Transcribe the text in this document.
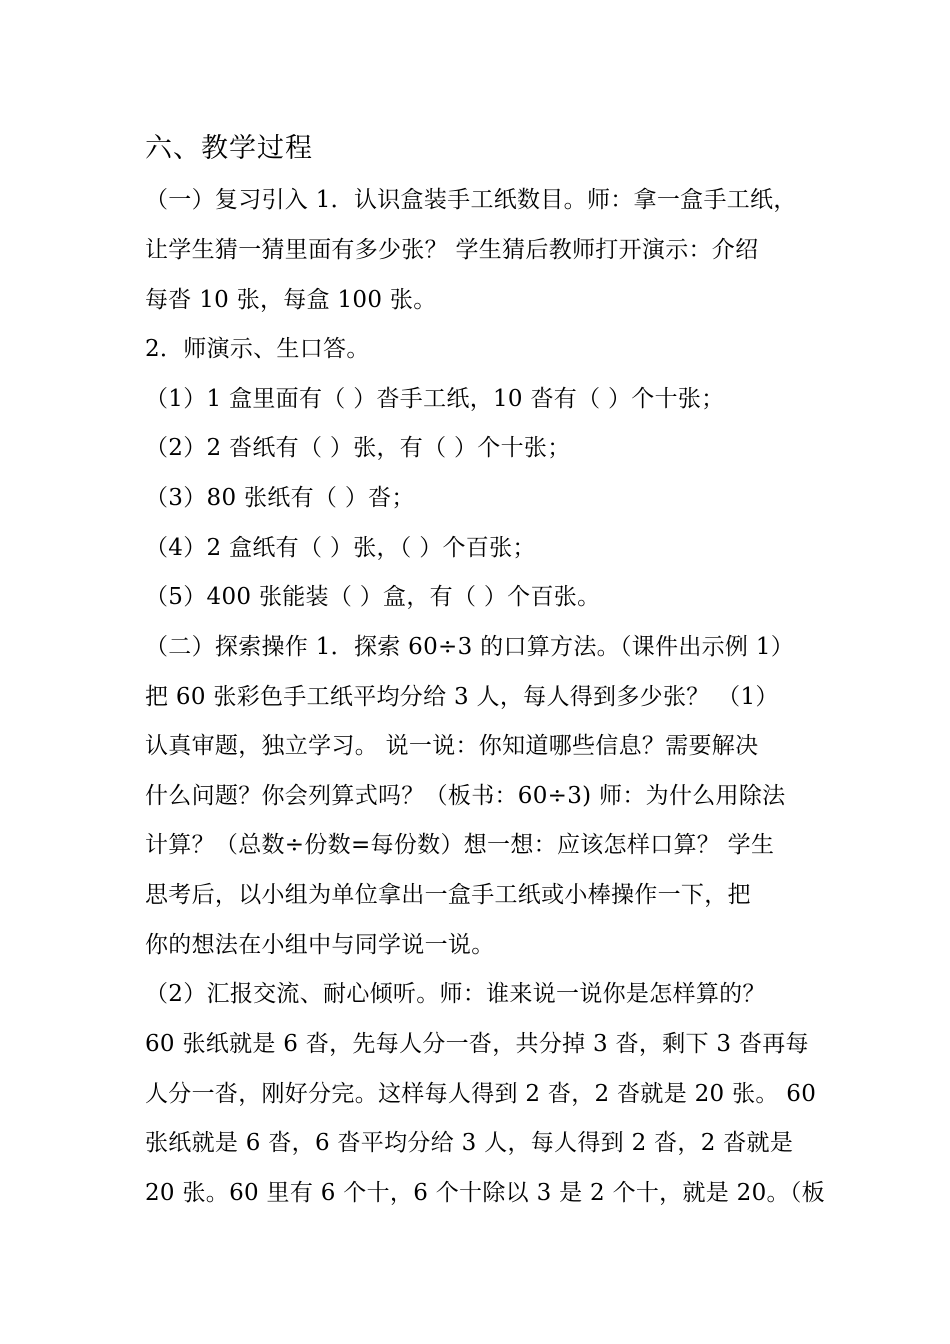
六、教学过程
（一）复习引入 1．认识盒装手工纸数目。师：拿一盒手工纸，
让学生猜一猜里面有多少张？ 学生猜后教师打开演示：介绍
每沓 10 张，每盒 100 张。
2．师演示、生口答。
（1）1 盒里面有（ ）沓手工纸，10 沓有（ ）个十张；
（2）2 沓纸有（ ）张，有（ ）个十张；
（3）80 张纸有（ ）沓；
（4）2 盒纸有（ ）张，（ ）个百张；
（5）400 张能装（ ）盒，有（ ）个百张。
（二）探索操作 1．探索 60÷3 的口算方法。（课件出示例 1）
把 60 张彩色手工纸平均分给 3 人，每人得到多少张？ （1）
认真审题，独立学习。 说一说：你知道哪些信息？需要解决
什么问题？你会列算式吗？（板书：60÷3) 师：为什么用除法
计算？（总数÷份数=每份数）想一想：应该怎样口算？ 学生
思考后，以小组为单位拿出一盒手工纸或小棒操作一下，把
你的想法在小组中与同学说一说。
（2）汇报交流、耐心倾听。师：谁来说一说你是怎样算的？
60 张纸就是 6 沓，先每人分一沓，共分掉 3 沓，剩下 3 沓再每
人分一沓，刚好分完。这样每人得到 2 沓，2 沓就是 20 张。 60
张纸就是 6 沓，6 沓平均分给 3 人，每人得到 2 沓，2 沓就是
20 张。60 里有 6 个十，6 个十除以 3 是 2 个十，就是 20。（板
